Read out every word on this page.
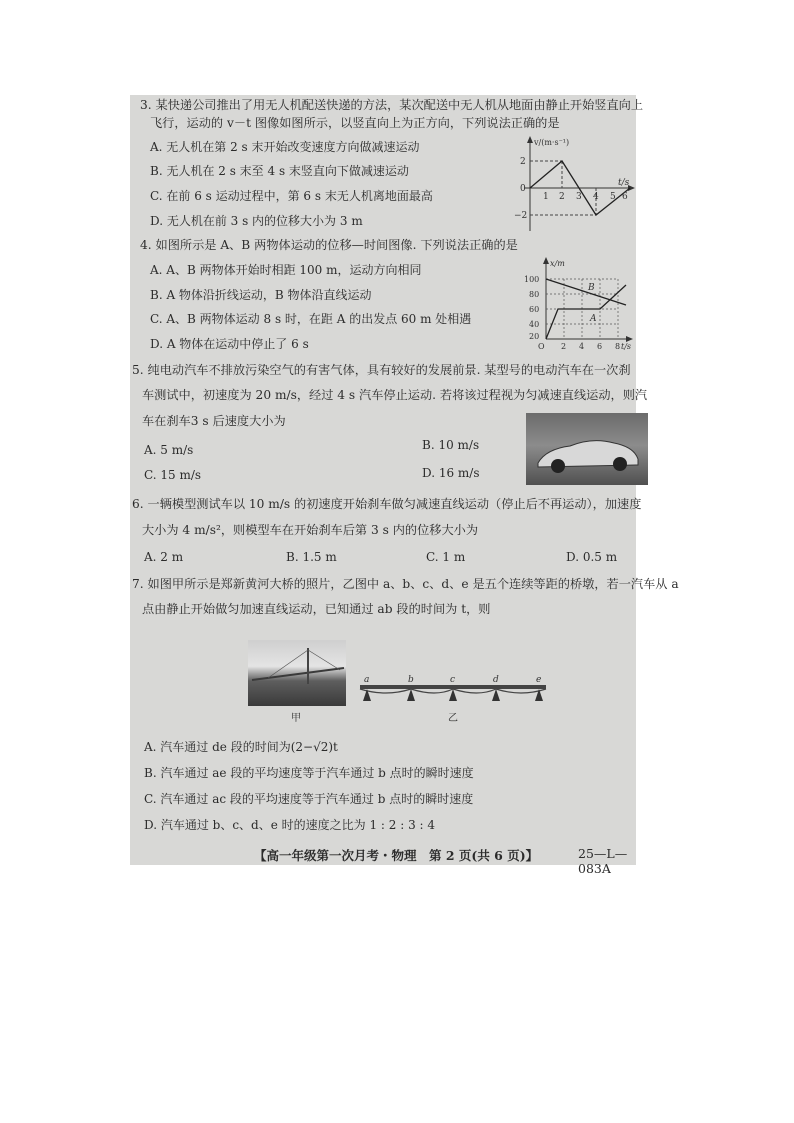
3. 某快递公司推出了用无人机配送快递的方法，某次配送中无人机从地面由静止开始竖直向上
飞行，运动的 v－t 图像如图所示，以竖直向上为正方向，下列说法正确的是
A. 无人机在第 2 s 末开始改变速度方向做减速运动
B. 无人机在 2 s 末至 4 s 末竖直向下做减速运动
C. 在前 6 s 运动过程中，第 6 s 末无人机离地面最高
D. 无人机在前 3 s 内的位移大小为 3 m
v/(m·s⁻¹)
2
0
−2
1 2 3 4 5 6
t/s
4. 如图所示是 A、B 两物体运动的位移—时间图像. 下列说法正确的是
A. A、B 两物体开始时相距 100 m，运动方向相同
B. A 物体沿折线运动，B 物体沿直线运动
C. A、B 两物体运动 8 s 时，在距 A 的出发点 60 m 处相遇
D. A 物体在运动中停止了 6 s
B
A
x/m
100
80
60
40
20
O 2 4 6 8 t/s
5. 纯电动汽车不排放污染空气的有害气体，具有较好的发展前景. 某型号的电动汽车在一次刹
车测试中，初速度为 20 m/s，经过 4 s 汽车停止运动. 若将该过程视为匀减速直线运动，则汽
车在刹车3 s 后速度大小为
A. 5 m/s	B. 10 m/s
C. 15 m/s	D. 16 m/s
6. 一辆模型测试车以 10 m/s 的初速度开始刹车做匀减速直线运动（停止后不再运动），加速度
大小为 4 m/s²，则模型车在开始刹车后第 3 s 内的位移大小为
A. 2 m	B. 1.5 m	C. 1 m	D. 0.5 m
7. 如图甲所示是郑新黄河大桥的照片，乙图中 a、b、c、d、e 是五个连续等距的桥墩，若一汽车从 a
点由静止开始做匀加速直线运动，已知通过 ab 段的时间为 t，则
甲
a	b	c	d	e
乙
A. 汽车通过 de 段的时间为(2−√2)t
B. 汽车通过 ae 段的平均速度等于汽车通过 b 点时的瞬时速度
C. 汽车通过 ac 段的平均速度等于汽车通过 b 点时的瞬时速度
D. 汽车通过 b、c、d、e 时的速度之比为 1 : 2 : 3 : 4
【高一年级第一次月考・物理　第 2 页(共 6 页)】	25—L—083A
